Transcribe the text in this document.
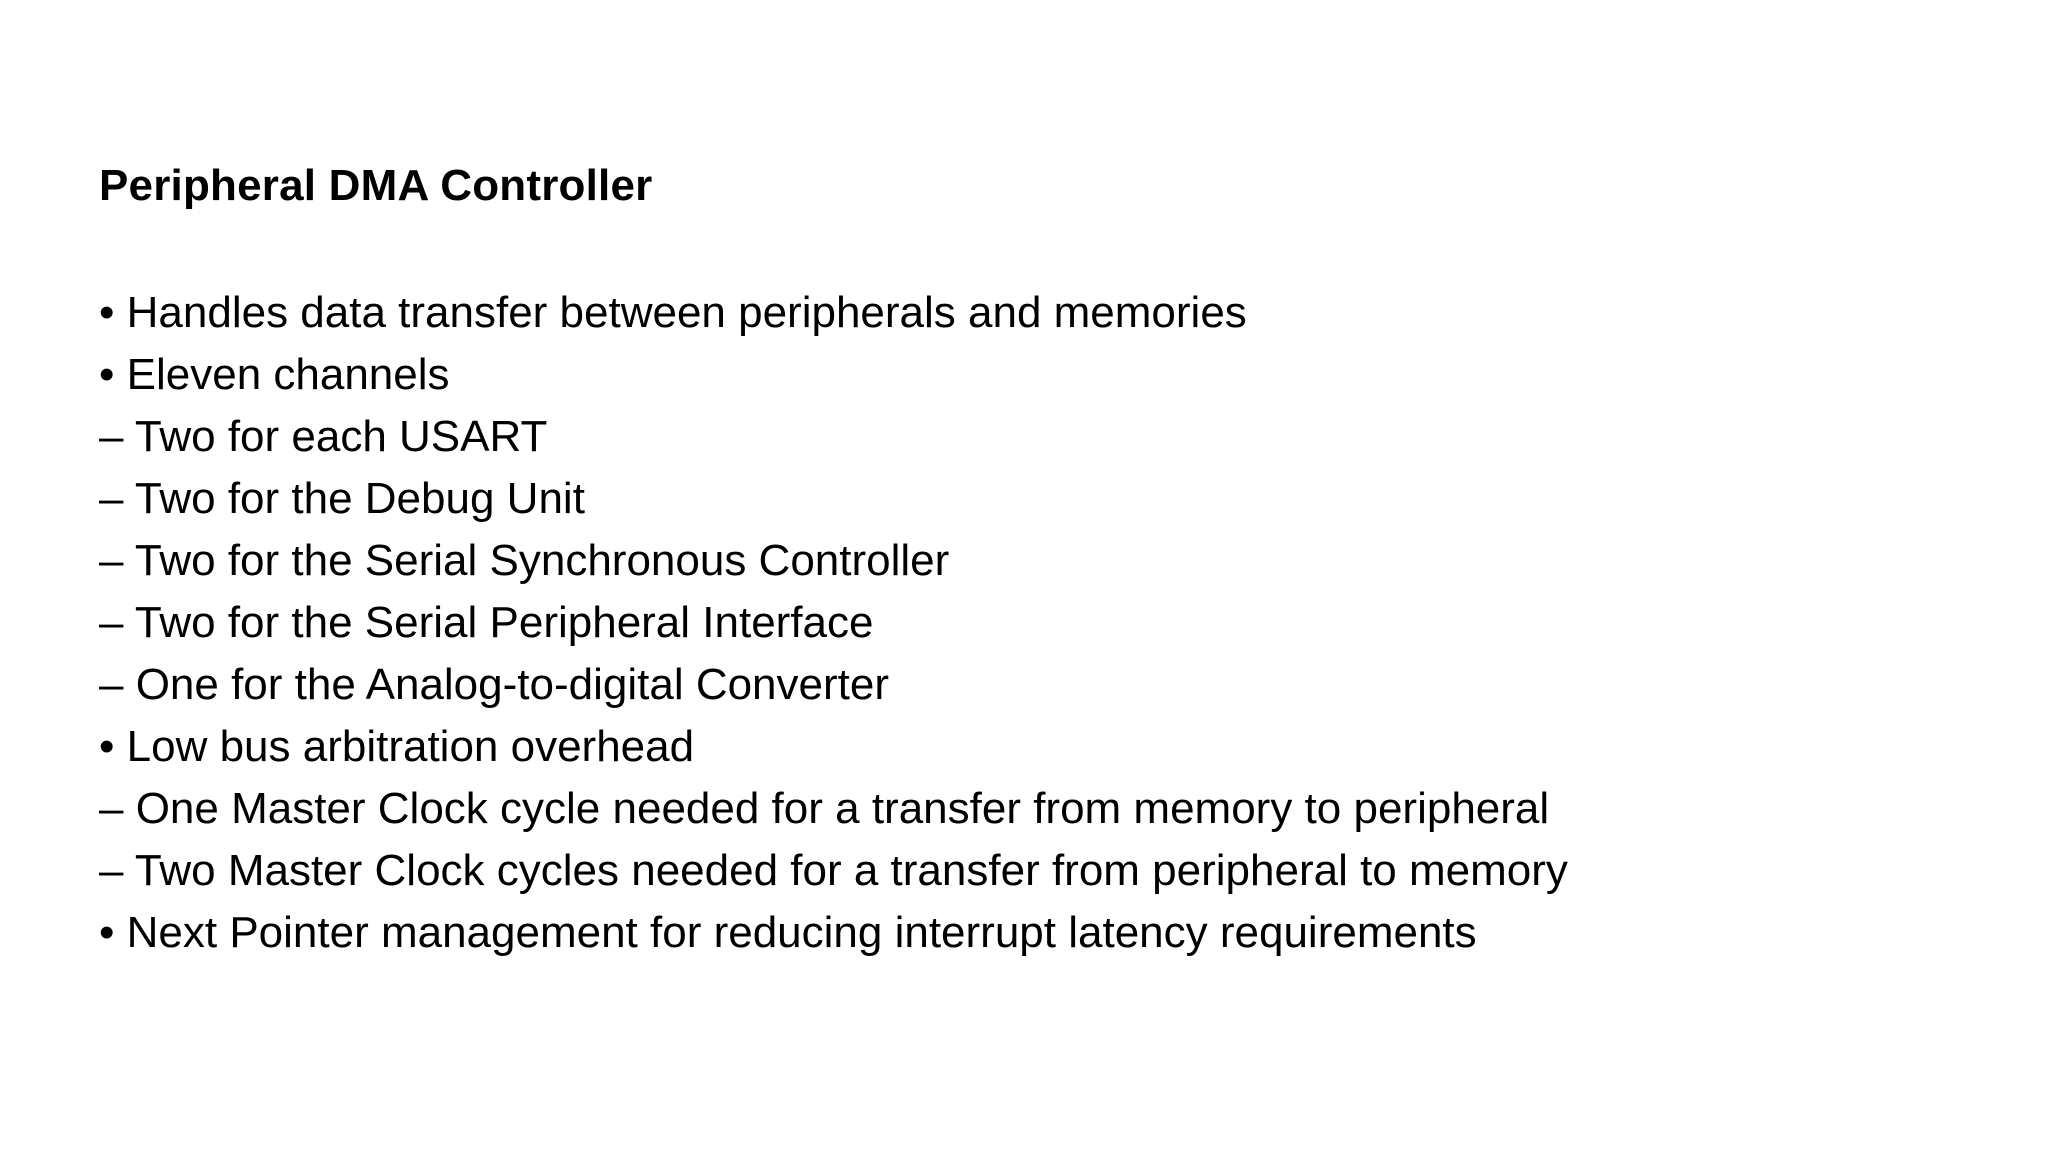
Peripheral DMA Controller
• Handles data transfer between peripherals and memories
• Eleven channels
– Two for each USART
– Two for the Debug Unit
– Two for the Serial Synchronous Controller
– Two for the Serial Peripheral Interface
– One for the Analog-to-digital Converter
• Low bus arbitration overhead
– One Master Clock cycle needed for a transfer from memory to peripheral
– Two Master Clock cycles needed for a transfer from peripheral to memory
• Next Pointer management for reducing interrupt latency requirements
